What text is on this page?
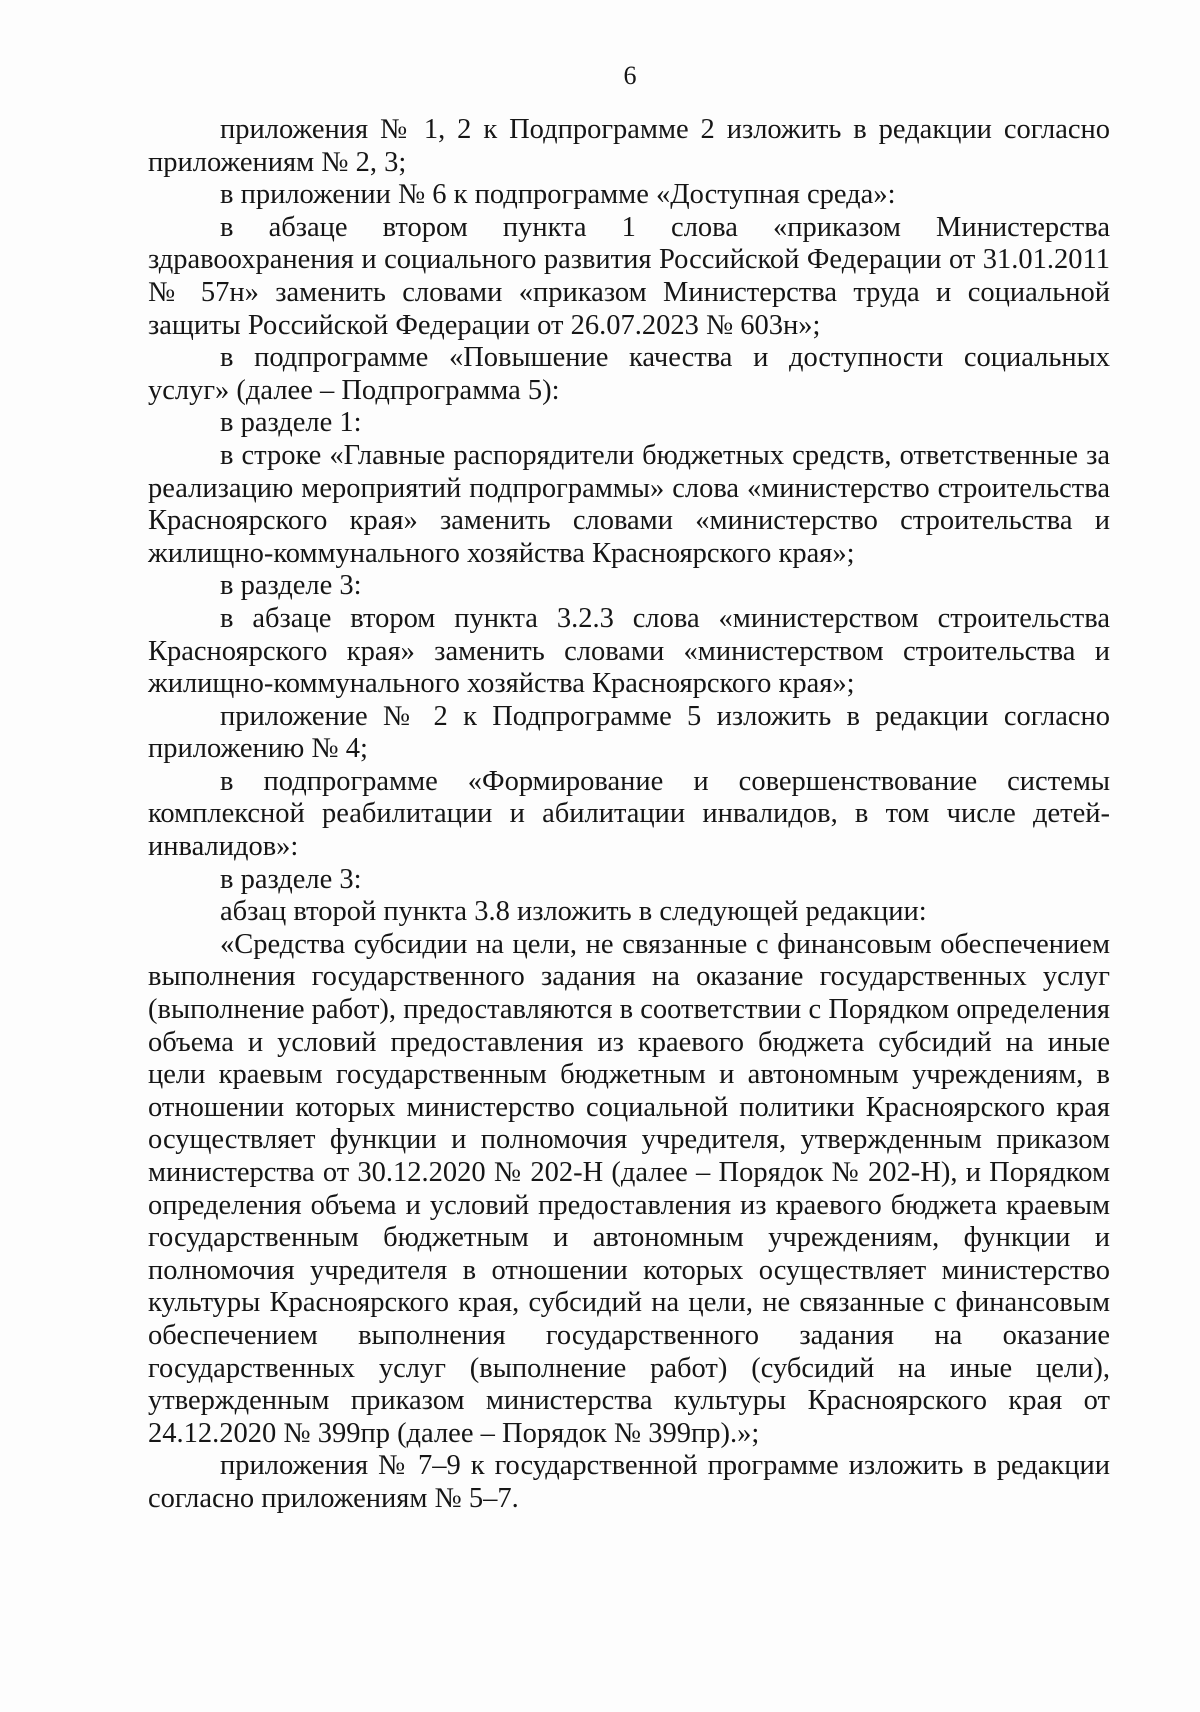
6

приложения № 1, 2 к Подпрограмме 2 изложить в редакции согласно приложениям № 2, 3;

в приложении № 6 к подпрограмме «Доступная среда»:

в абзаце втором пункта 1 слова «приказом Министерства здравоохранения и социального развития Российской Федерации от 31.01.2011 № 57н» заменить словами «приказом Министерства труда и социальной защиты Российской Федерации от 26.07.2023 № 603н»;

в подпрограмме «Повышение качества и доступности социальных услуг» (далее – Подпрограмма 5):

в разделе 1:

в строке «Главные распорядители бюджетных средств, ответственные за реализацию мероприятий подпрограммы» слова «министерство строительства Красноярского края» заменить словами «министерство строительства и жилищно-коммунального хозяйства Красноярского края»;

в разделе 3:

в абзаце втором пункта 3.2.3 слова «министерством строительства Красноярского края» заменить словами «министерством строительства и жилищно-коммунального хозяйства Красноярского края»;

приложение № 2 к Подпрограмме 5 изложить в редакции согласно приложению № 4;

в подпрограмме «Формирование и совершенствование системы комплексной реабилитации и абилитации инвалидов, в том числе детей-инвалидов»:

в разделе 3:

абзац второй пункта 3.8 изложить в следующей редакции:

«Средства субсидии на цели, не связанные с финансовым обеспечением выполнения государственного задания на оказание государственных услуг (выполнение работ), предоставляются в соответствии с Порядком определения объема и условий предоставления из краевого бюджета субсидий на иные цели краевым государственным бюджетным и автономным учреждениям, в отношении которых министерство социальной политики Красноярского края осуществляет функции и полномочия учредителя, утвержденным приказом министерства от 30.12.2020 № 202-Н (далее – Порядок № 202-Н), и Порядком определения объема и условий предоставления из краевого бюджета краевым государственным бюджетным и автономным учреждениям, функции и полномочия учредителя в отношении которых осуществляет министерство культуры Красноярского края, субсидий на цели, не связанные с финансовым обеспечением выполнения государственного задания на оказание государственных услуг (выполнение работ) (субсидий на иные цели), утвержденным приказом министерства культуры Красноярского края от 24.12.2020 № 399пр (далее – Порядок № 399пр).»;

приложения № 7–9 к государственной программе изложить в редакции согласно приложениям № 5–7.
